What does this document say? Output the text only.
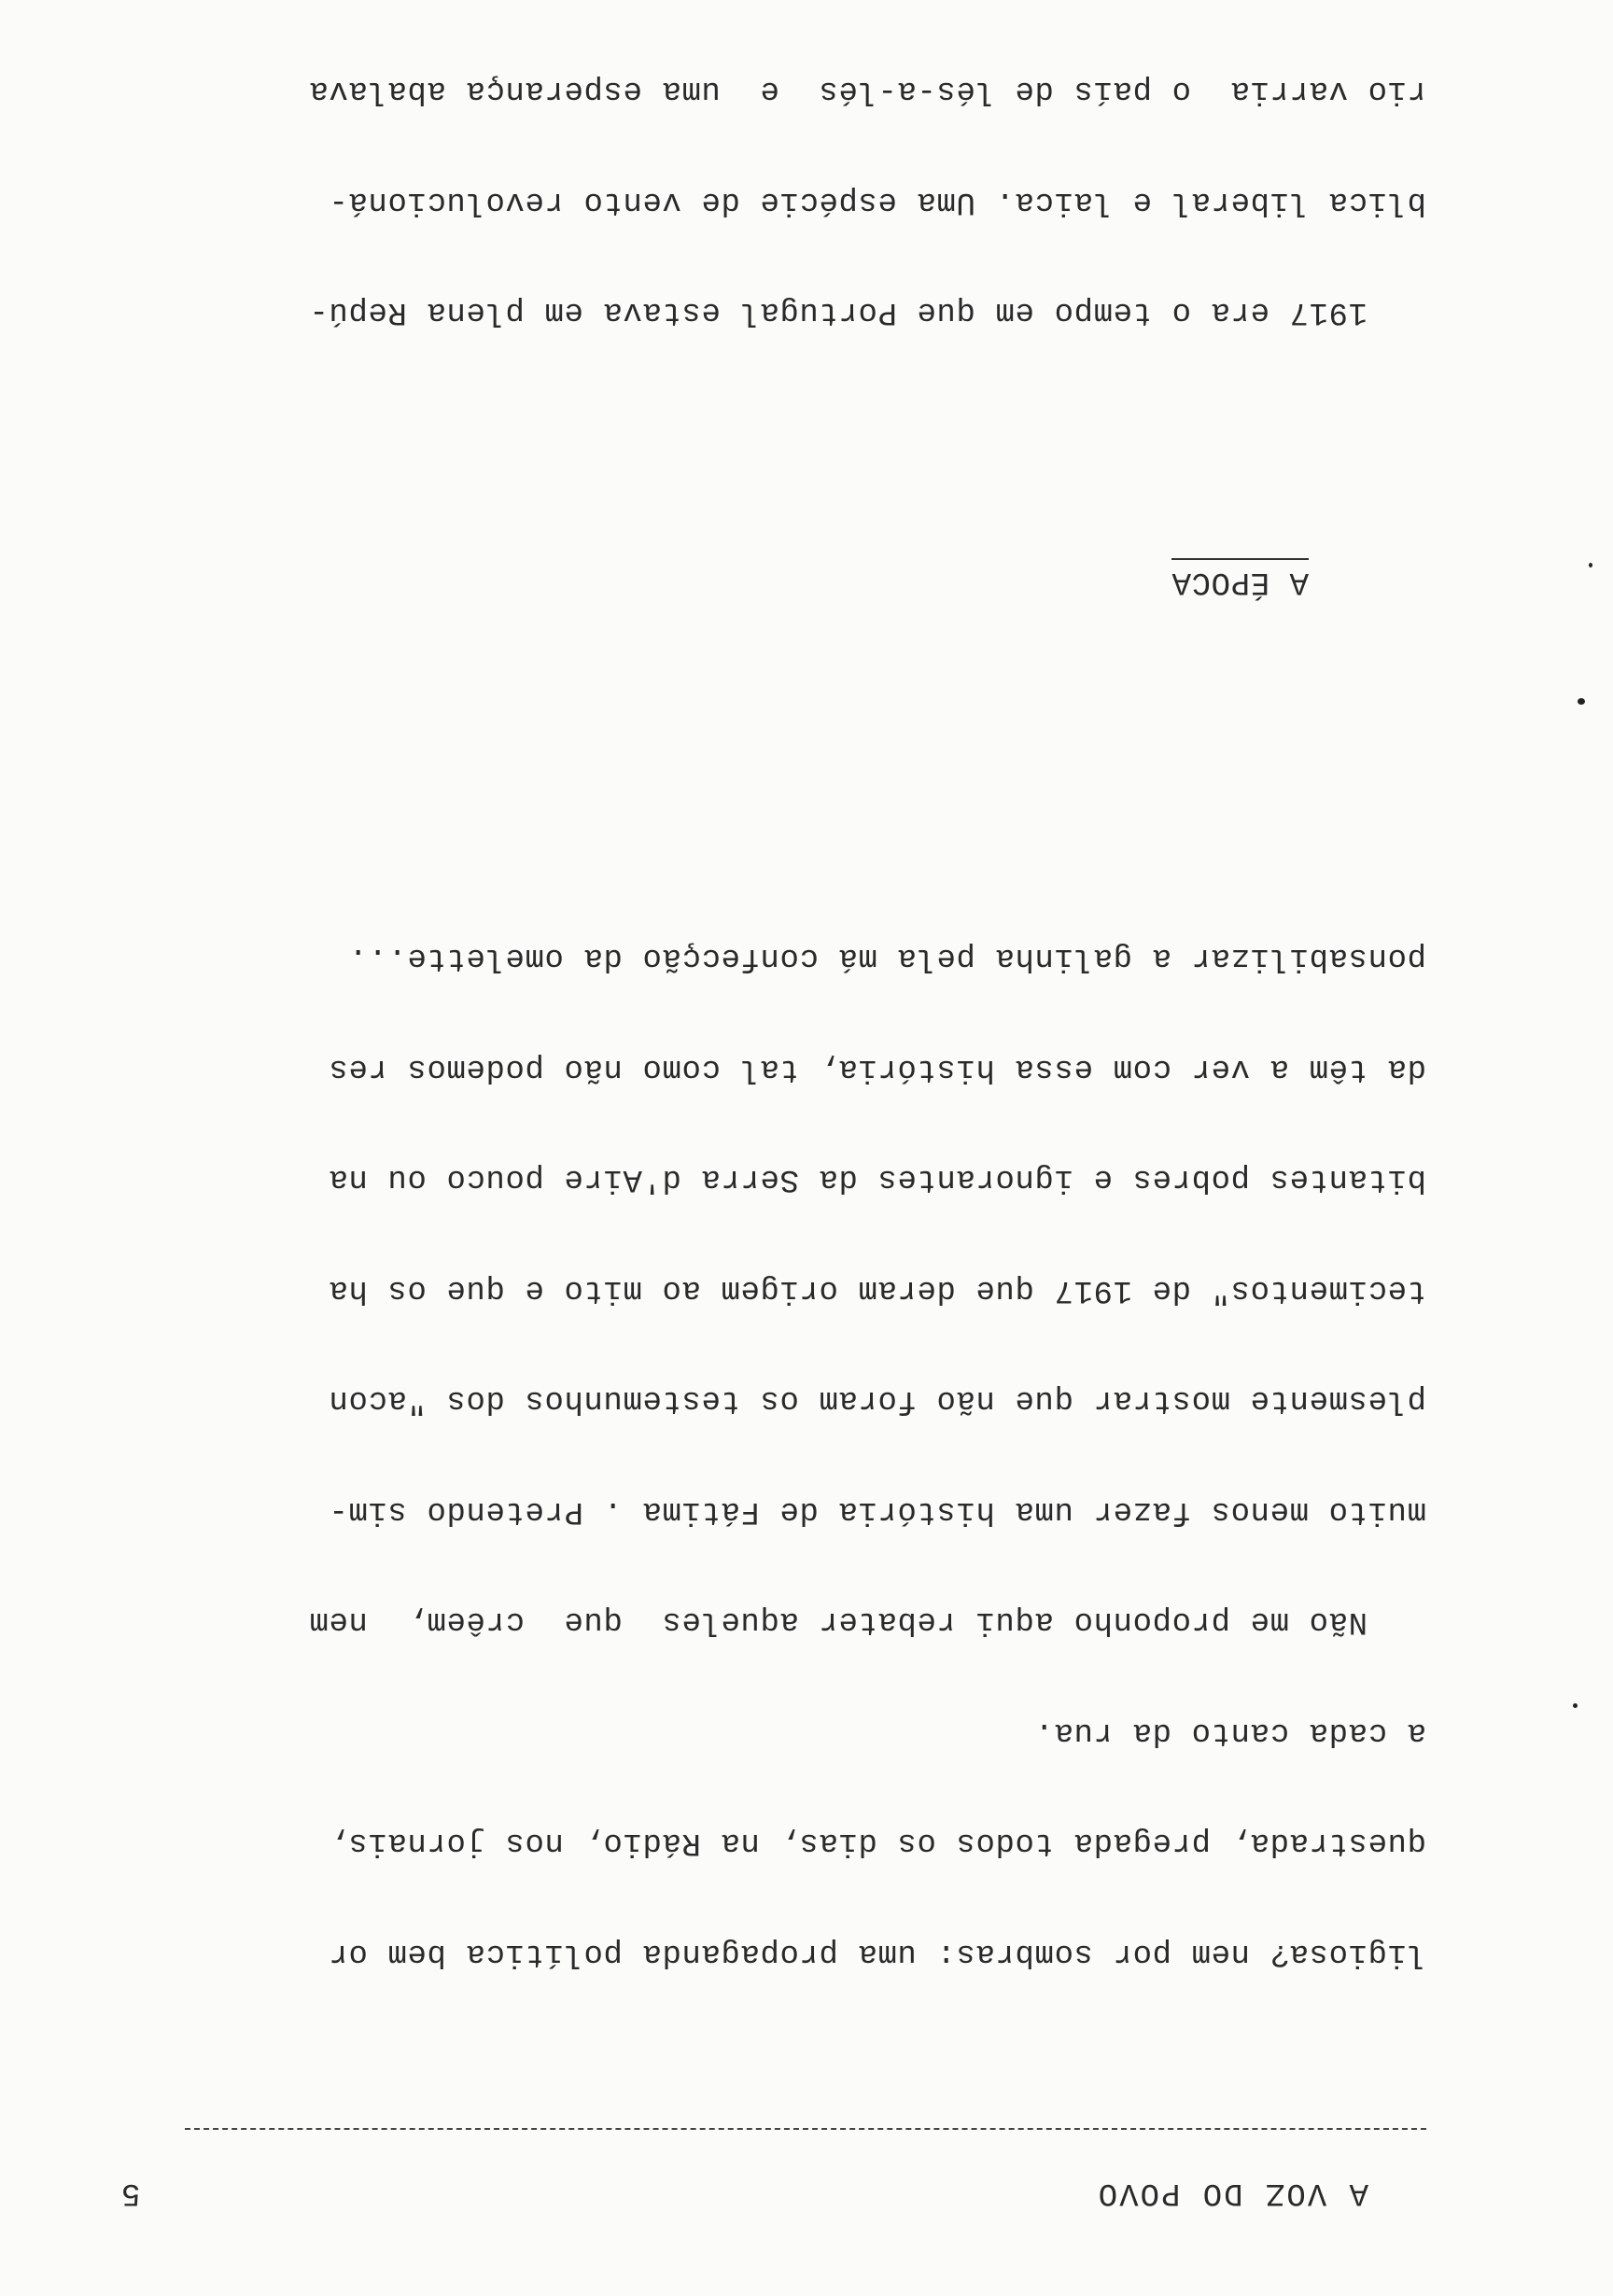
A VOZ DO POVO
5

ligiosa? nem por sombras: uma propaganda política bem or

questrada, pregada todos os dias, na Rádio, nos jornais,

a cada canto da rua.

Não me proponho aqui rebater aqueles  que  crêem,  nem

muito menos fazer uma história de Fátima . Pretendo sim-

plesmente mostrar que não foram os testemunhos dos "acon

tecimentos" de 1917 que deram origem ao mito e que os ha

bitantes pobres e ignorantes da Serra d'Aire pouco ou na

da têm a ver com essa história, tal como não podemos res

ponsabilizar a galinha pela má confecção da omelette...

A ÉPOCA

1917 era o tempo em que Portugal estava em plena Repú-

blica liberal e laica. Uma espécie de vento revolucioná-

rio varria  o país de lés-a-lés  e  uma esperança abalava
